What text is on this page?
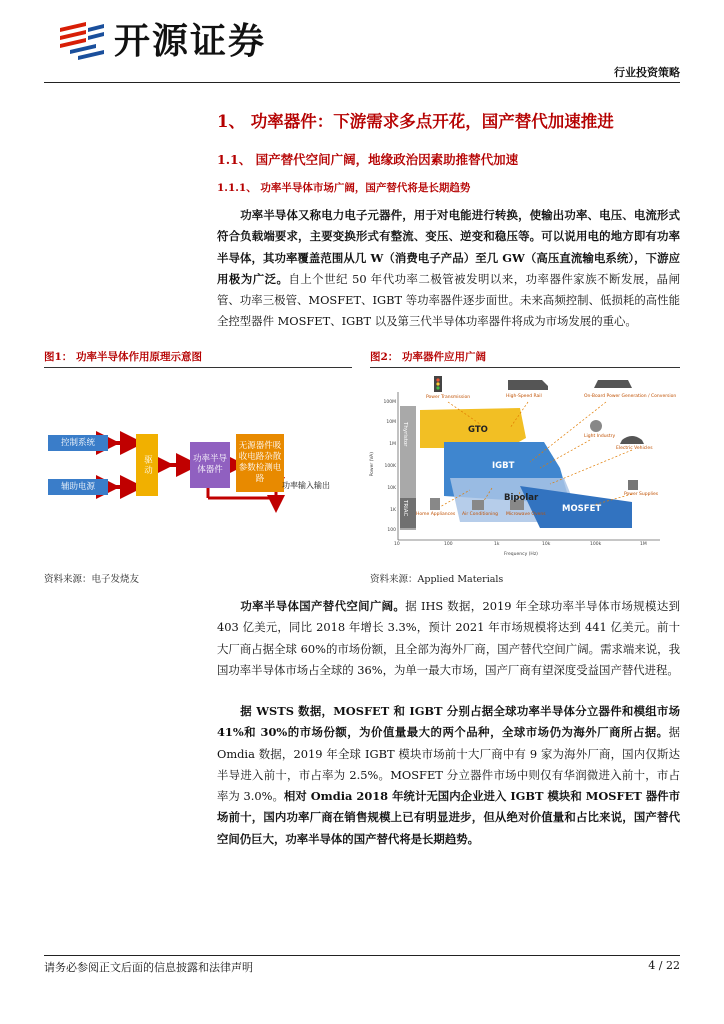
开源证券
行业投资策略
1、 功率器件：下游需求多点开花，国产替代加速推进
1.1、 国产替代空间广阔，地缘政治因素助推替代加速
1.1.1、 功率半导体市场广阔，国产替代将是长期趋势
功率半导体又称电力电子元器件，用于对电能进行转换，使输出功率、电压、电流形式符合负载端要求，主要变换形式有整流、变压、逆变和稳压等。可以说用电的地方即有功率半导体，其功率覆盖范围从几 W（消费电子产品）至几 GW（高压直流输电系统），下游应用极为广泛。自上个世纪 50 年代功率二极管被发明以来，功率器件家族不断发展，晶闸管、功率三极管、MOSFET、IGBT 等功率器件逐步面世。未来高频控制、低损耗的高性能全控型器件 MOSFET、IGBT 以及第三代半导体功率器件将成为市场发展的重心。
图1： 功率半导体作用原理示意图
控制系统
辅助电源
驱动	功率半导体器件
无源器件吸收电路杂散参数检测电路
功率输入输出
资料来源：电子发烧友
图2： 功率器件应用广阔
GTO
IGBT
Bipolar
MOSFET
Thyristor
TRIAC
Power Transmission	High-Speed Rail	On-Board Power Generation / Conversion
Light Industry
Electric Vehicles
Power Supplies
Home Appliances Air Conditioning Microwave Ovens
Power (VA)
Frequency (Hz)
100M
10M
1M
100K
10K
1K
100
10	100	1k	10k	100k	1M
资料来源：Applied Materials
功率半导体国产替代空间广阔。据 IHS 数据，2019 年全球功率半导体市场规模达到 403 亿美元，同比 2018 年增长 3.3%，预计 2021 年市场规模将达到 441 亿美元。前十大厂商占据全球 60%的市场份额，且全部为海外厂商，国产替代空间广阔。需求端来说，我国功率半导体市场占全球的 36%，为单一最大市场，国产厂商有望深度受益国产替代进程。
据 WSTS 数据，MOSFET 和 IGBT 分别占据全球功率半导体分立器件和模组市场 41%和 30%的市场份额，为价值量最大的两个品种，全球市场仍为海外厂商所占据。据 Omdia 数据，2019 年全球 IGBT 模块市场前十大厂商中有 9 家为海外厂商，国内仅斯达半导进入前十，市占率为 2.5%。MOSFET 分立器件市场中则仅有华润微进入前十，市占率为 3.0%。相对 Omdia 2018 年统计无国内企业进入 IGBT 模块和 MOSFET 器件市场前十，国内功率厂商在销售规模上已有明显进步，但从绝对价值量和占比来说，国产替代空间仍巨大，功率半导体的国产替代将是长期趋势。
请务必参阅正文后面的信息披露和法律声明	4 / 22
